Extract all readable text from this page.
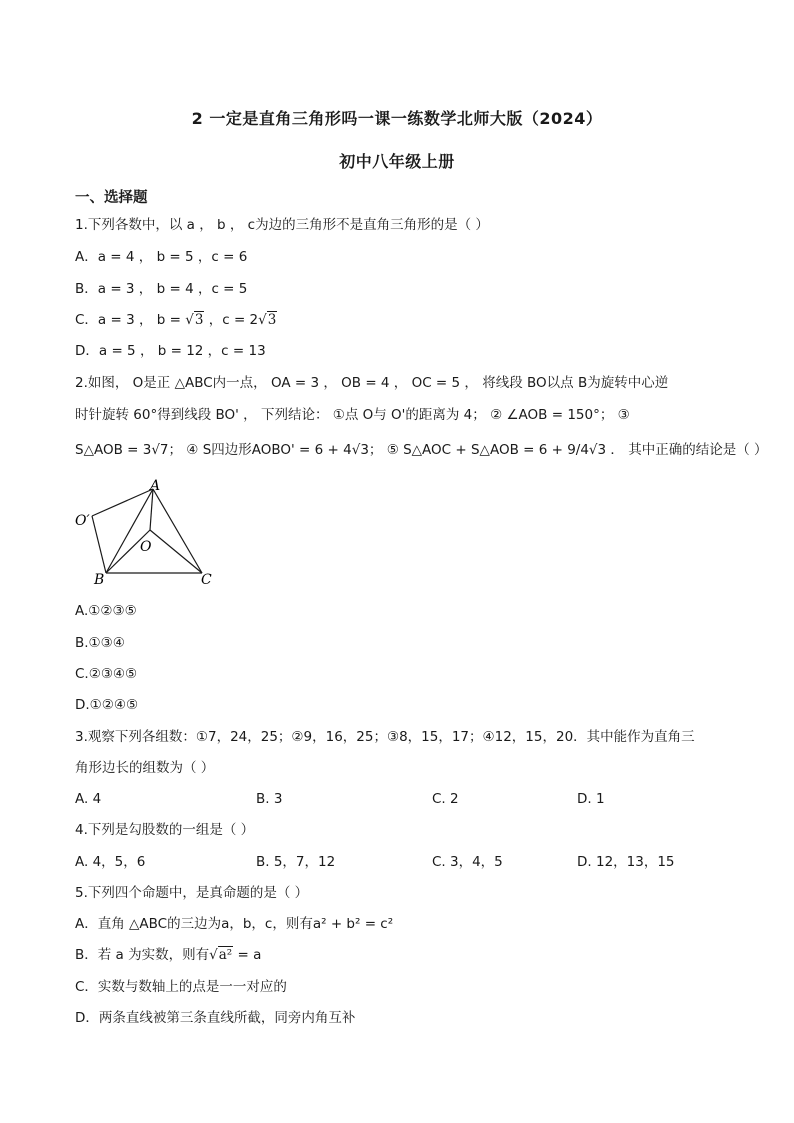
2 一定是直角三角形吗一课一练数学北师大版（2024）
初中八年级上册
一、选择题
1.下列各数中，以 a ， b ， c为边的三角形不是直角三角形的是（ ）
A．a = 4 ， b = 5 ，c = 6
B．a = 3 ， b = 4 ，c = 5
C．a = 3 ， b = √3 ，c = 2√3
D．a = 5 ， b = 12 ，c = 13
2.如图， O是正 △ABC内一点， OA = 3 ， OB = 4 ， OC = 5 ， 将线段 BO以点 B为旋转中心逆
时针旋转 60°得到线段 BO' ， 下列结论： ①点 O与 O'的距离为 4； ② ∠AOB = 150°； ③
S△AOB = 3√7； ④ S四边形AOBO' = 6 + 4√3； ⑤ S△AOC + S△AOB = 6 + 9/4√3 ． 其中正确的结论是（ ）
A
O′
O
B	C
A.①②③⑤
B.①③④
C.②③④⑤
D.①②④⑤
3.观察下列各组数：①7，24，25；②9，16，25；③8，15，17；④12，15，20．其中能作为直角三
角形边长的组数为（ ）
A. 4	B. 3	C. 2	D. 1
4.下列是勾股数的一组是（ ）
A. 4，5，6	B. 5，7，12	C. 3，4，5	D. 12，13，15
5.下列四个命题中，是真命题的是（ ）
A．直角 △ABC的三边为a，b，c，则有a² + b² = c²
B．若 a 为实数，则有√a² = a
C．实数与数轴上的点是一一对应的
D．两条直线被第三条直线所截，同旁内角互补
